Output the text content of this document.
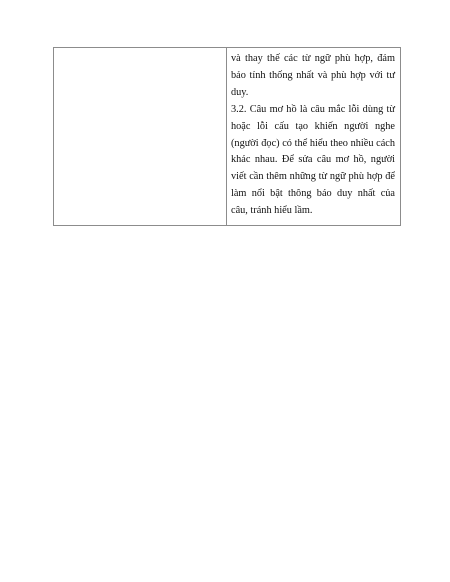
và thay thế các từ ngữ phù hợp, đảm bảo tính thống nhất và phù hợp với tư duy.

3.2. Câu mơ hồ là câu mắc lỗi dùng từ hoặc lỗi cấu tạo khiến người nghe (người đọc) có thể hiểu theo nhiều cách khác nhau. Để sửa câu mơ hồ, người viết cần thêm những từ ngữ phù hợp để làm nổi bật thông báo duy nhất của câu, tránh hiểu lầm.
